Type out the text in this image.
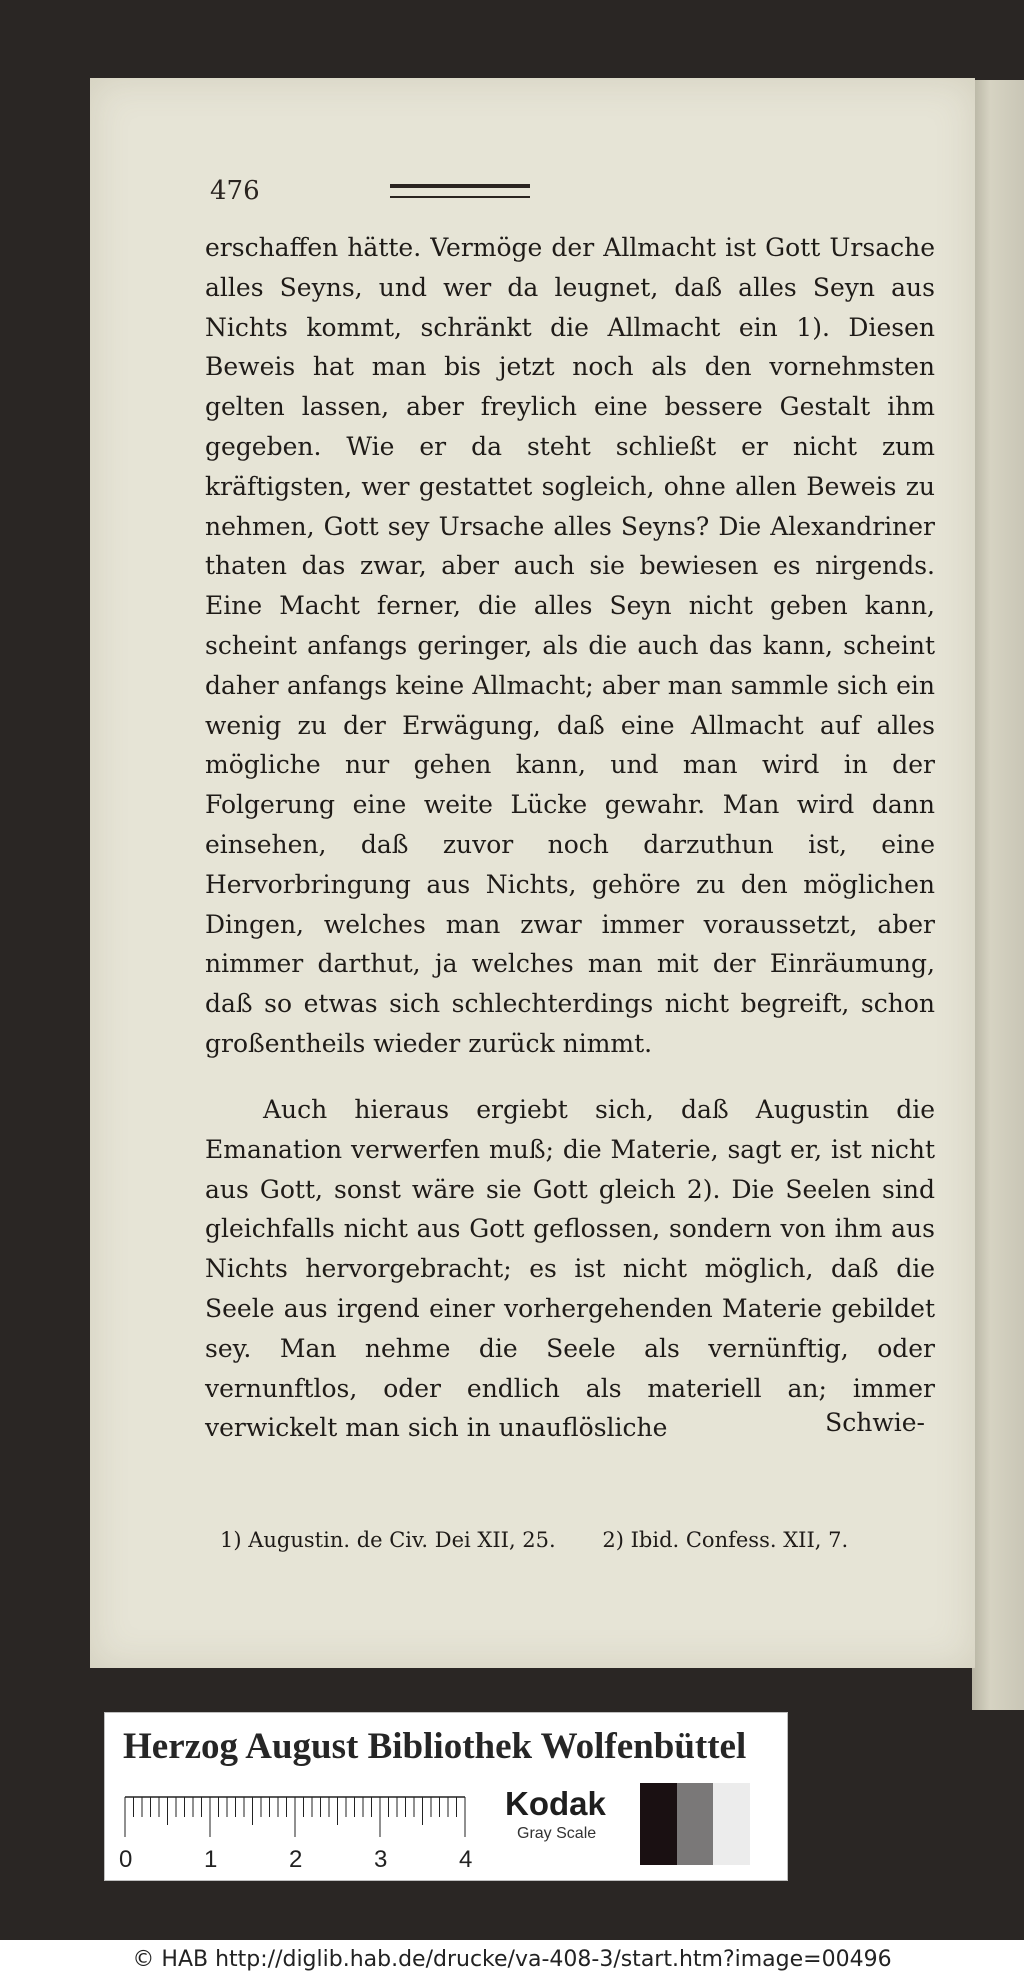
476

erschaffen hätte. Vermöge der Allmacht ist Gott Ursache alles Seyns, und wer da leugnet, daß alles Seyn aus Nichts kommt, schränkt die Allmacht ein 1). Diesen Beweis hat man bis jetzt noch als den vornehmsten gelten lassen, aber freylich eine bessere Gestalt ihm gegeben. Wie er da steht schließt er nicht zum kräftigsten, wer gestattet sogleich, ohne allen Beweis zu nehmen, Gott sey Ursache alles Seyns? Die Alexandriner thaten das zwar, aber auch sie bewiesen es nirgends. Eine Macht ferner, die alles Seyn nicht geben kann, scheint anfangs geringer, als die auch das kann, scheint daher anfangs keine Allmacht; aber man sammle sich ein wenig zu der Erwägung, daß eine Allmacht auf alles mögliche nur gehen kann, und man wird in der Folgerung eine weite Lücke gewahr. Man wird dann einsehen, daß zuvor noch darzuthun ist, eine Hervorbringung aus Nichts, gehöre zu den möglichen Dingen, welches man zwar immer voraussetzt, aber nimmer darthut, ja welches man mit der Einräumung, daß so etwas sich schlechterdings nicht begreift, schon großentheils wieder zurück nimmt.

Auch hieraus ergiebt sich, daß Augustin die Emanation verwerfen muß; die Materie, sagt er, ist nicht aus Gott, sonst wäre sie Gott gleich 2). Die Seelen sind gleichfalls nicht aus Gott geflossen, sondern von ihm aus Nichts hervorgebracht; es ist nicht möglich, daß die Seele aus irgend einer vorhergehenden Materie gebildet sey. Man nehme die Seele als vernünftig, oder vernunftlos, oder endlich als materiell an; immer verwickelt man sich in unauflösliche	Schwie-
1) Augustin. de Civ. Dei XII, 25. 2) Ibid. Confess. XII, 7.
Herzog August Bibliothek Wolfenbüttel
0	1	2	3	4
Kodak
Gray Scale
© HAB http://diglib.hab.de/drucke/va-408-3/start.htm?image=00496
